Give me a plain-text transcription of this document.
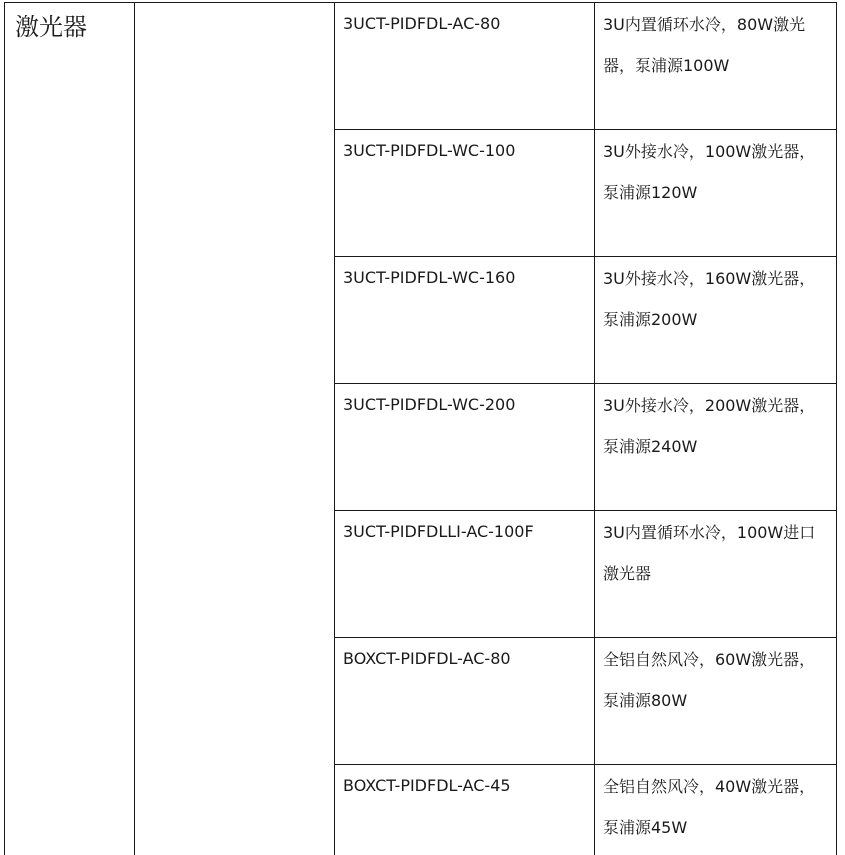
激光器		3UCT-PIDFDL-AC-80	3U内置循环水冷，80W激光器，泵浦源100W

		3UCT-PIDFDL-WC-100	3U外接水冷，100W激光器，泵浦源120W

		3UCT-PIDFDL-WC-160	3U外接水冷，160W激光器，泵浦源200W

		3UCT-PIDFDL-WC-200	3U外接水冷，200W激光器，泵浦源240W

		3UCT-PIDFDLLI-AC-100F	3U内置循环水冷，100W进口激光器

		BOXCT-PIDFDL-AC-80	全铝自然风冷，60W激光器，泵浦源80W

		BOXCT-PIDFDL-AC-45	全铝自然风冷，40W激光器，泵浦源45W
